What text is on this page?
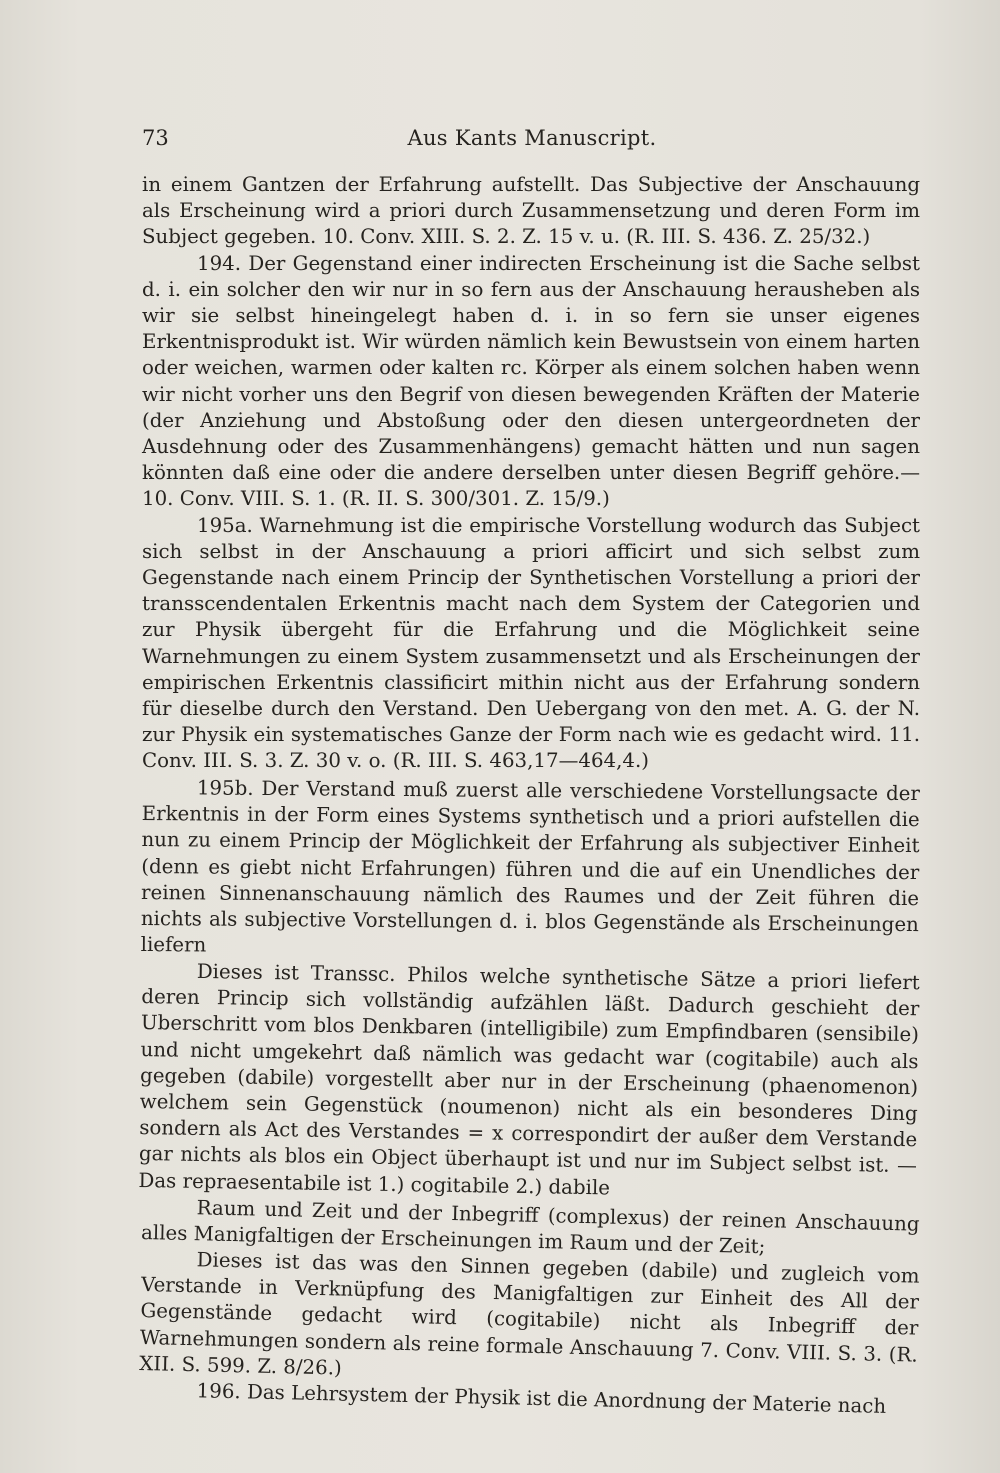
73	Aus Kants Manuscript.

in einem Gantzen der Erfahrung aufstellt. Das Subjective der Anschauung als Erscheinung wird a priori durch Zusammensetzung und deren Form im Subject gegeben. 10. Conv. XIII. S. 2. Z. 15 v. u. (R. III. S. 436. Z. 25/32.)

194. Der Gegenstand einer indirecten Erscheinung ist die Sache selbst d. i. ein solcher den wir nur in so fern aus der Anschauung herausheben als wir sie selbst hineingelegt haben d. i. in so fern sie unser eigenes Erkentnisprodukt ist. Wir würden nämlich kein Bewustsein von einem harten oder weichen, warmen oder kalten rc. Körper als einem solchen haben wenn wir nicht vorher uns den Begrif von diesen bewegenden Kräften der Materie (der Anziehung und Abstoßung oder den diesen untergeordneten der Ausdehnung oder des Zusammenhängens) gemacht hätten und nun sagen könnten daß eine oder die andere derselben unter diesen Begriff gehöre.—10. Conv. VIII. S. 1. (R. II. S. 300/301. Z. 15/9.)

195a. Warnehmung ist die empirische Vorstellung wodurch das Subject sich selbst in der Anschauung a priori afficirt und sich selbst zum Gegenstande nach einem Princip der Synthetischen Vorstellung a priori der transscendentalen Erkentnis macht nach dem System der Categorien und zur Physik übergeht für die Erfahrung und die Möglichkeit seine Warnehmungen zu einem System zusammensetzt und als Erscheinungen der empirischen Erkentnis classificirt mithin nicht aus der Erfahrung sondern für dieselbe durch den Verstand. Den Uebergang von den met. A. G. der N. zur Physik ein systematisches Ganze der Form nach wie es gedacht wird. 11. Conv. III. S. 3. Z. 30 v. o. (R. III. S. 463,17—464,4.)

195b. Der Verstand muß zuerst alle verschiedene Vorstellungsacte der Erkentnis in der Form eines Systems synthetisch und a priori aufstellen die nun zu einem Princip der Möglichkeit der Erfahrung als subjectiver Einheit (denn es giebt nicht Erfahrungen) führen und die auf ein Unendliches der reinen Sinnenanschauung nämlich des Raumes und der Zeit führen die nichts als subjective Vorstellungen d. i. blos Gegenstände als Erscheinungen liefern

Dieses ist Transsc. Philos welche synthetische Sätze a priori liefert deren Princip sich vollständig aufzählen läßt. Dadurch geschieht der Uberschritt vom blos Denkbaren (intelligibile) zum Empfindbaren (sensibile) und nicht umgekehrt daß nämlich was gedacht war (cogitabile) auch als gegeben (dabile) vorgestellt aber nur in der Erscheinung (phaenomenon) welchem sein Gegenstück (noumenon) nicht als ein besonderes Ding sondern als Act des Verstandes = x correspondirt der außer dem Verstande gar nichts als blos ein Object überhaupt ist und nur im Subject selbst ist. — Das repraesentabile ist 1.) cogitabile 2.) dabile

Raum und Zeit und der Inbegriff (complexus) der reinen Anschauung alles Manigfaltigen der Erscheinungen im Raum und der Zeit;

Dieses ist das was den Sinnen gegeben (dabile) und zugleich vom Verstande in Verknüpfung des Manigfaltigen zur Einheit des All der Gegenstände gedacht wird (cogitabile) nicht als Inbegriff der Warnehmungen sondern als reine formale Anschauung 7. Conv. VIII. S. 3. (R. XII. S. 599. Z. 8/26.)

196. Das Lehrsystem der Physik ist die Anordnung der Materie nach
